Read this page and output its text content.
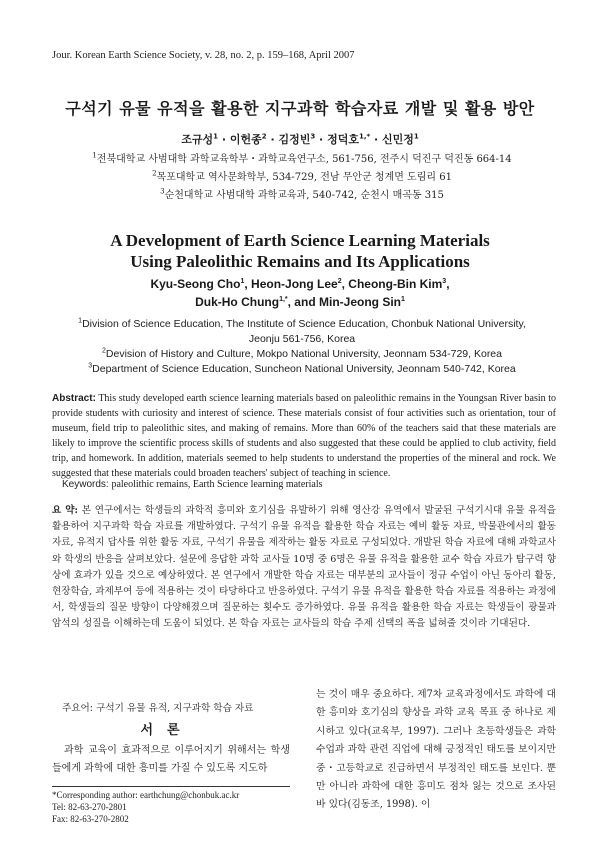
Jour. Korean Earth Science Society, v. 28, no. 2, p. 159–168, April 2007
구석기 유물 유적을 활용한 지구과학 학습자료 개발 및 활용 방안
조규성$^1$ · 이헌종$^2$ · 김정빈$^3$ · 정덕호$^{1,*}$ · 신민정$^1$
$^1$전북대학교 사범대학 과학교육학부・과학교육연구소, 561-756, 전주시 덕진구 덕진동 664-14
$^2$목포대학교 역사문화학부, 534-729, 전남 무안군 청계면 도림리 61
$^3$순천대학교 사범대학 과학교육과, 540-742, 순천시 매곡동 315
A Development of Earth Science Learning Materials
Using Paleolithic Remains and Its Applications
Kyu-Seong Cho$^1$, Heon-Jong Lee$^2$, Cheong-Bin Kim$^3$,
Duk-Ho Chung$^{1,*}$, and Min-Jeong Sin$^1$
$^1$Division of Science Education, The Institute of Science Education, Chonbuk National University,
Jeonju 561-756, Korea
$^2$Devision of History and Culture, Mokpo National University, Jeonnam 534-729, Korea
$^3$Department of Science Education, Suncheon National University, Jeonnam 540-742, Korea
Abstract: This study developed earth science learning materials based on paleolithic remains in the Youngsan River basin to provide students with curiosity and interest of science. These materials consist of four activities such as orientation, tour of museum, field trip to paleolithic sites, and making of remains. More than 60% of the teachers said that these materials are likely to improve the scientific process skills of students and also suggested that these could be applied to club activity, field trip, and homework. In addition, materials seemed to help students to understand the properties of the mineral and rock. We suggested that these materials could broaden teachers' subject of teaching in science.
Keywords: paleolithic remains, Earth Science learning materials
요 약: 본 연구에서는 학생들의 과학적 흥미와 호기심을 유발하기 위해 영산강 유역에서 발굴된 구석기시대 유물 유적을 활용하여 지구과학 학습 자료를 개발하였다. 구석기 유물 유적을 활용한 학습 자료는 예비 활동 자료, 박물관에서의 활동 자료, 유적지 답사를 위한 활동 자료, 구석기 유물을 제작하는 활동 자료로 구성되었다. 개발된 학습 자료에 대해 과학교사와 학생의 반응을 살펴보았다. 설문에 응답한 과학 교사들 10명 중 6명은 유물 유적을 활용한 교수 학습 자료가 탐구력 향상에 효과가 있을 것으로 예상하였다. 본 연구에서 개발한 학습 자료는 대부분의 교사들이 정규 수업이 아닌 동아리 활동, 현장학습, 과제부여 등에 적용하는 것이 타당하다고 반응하였다. 구석기 유물 유적을 활용한 학습 자료를 적용하는 과정에서, 학생들의 질문 방향이 다양해졌으며 질문하는 횟수도 증가하였다. 유물 유적을 활용한 학습 자료는 학생들이 광물과 암석의 성질을 이해하는데 도움이 되었다. 본 학습 자료는 교사들의 학습 주제 선택의 폭을 넓혀줄 것이라 기대된다.
주요어: 구석기 유물 유적, 지구과학 학습 자료
서론
과학 교육이 효과적으로 이루어지기 위해서는 학생들에게 과학에 대한 흥미를 가질 수 있도록 지도하
*Corresponding author: earthchung@chonbuk.ac.kr
Tel: 82-63-270-2801
Fax: 82-63-270-2802
는 것이 매우 중요하다. 제7차 교육과정에서도 과학에 대한 흥미와 호기심의 향상을 과학 교육 목표 중 하나로 제시하고 있다(교육부, 1997). 그러나 초등학생들은 과학수업과 과학 관련 직업에 대해 긍정적인 태도를 보이지만 중・고등학교로 진급하면서 부정적인 태도를 보인다. 뿐 만 아니라 과학에 대한 흥미도 점차 잃는 것으로 조사된 바 있다(김동조, 1998). 이
